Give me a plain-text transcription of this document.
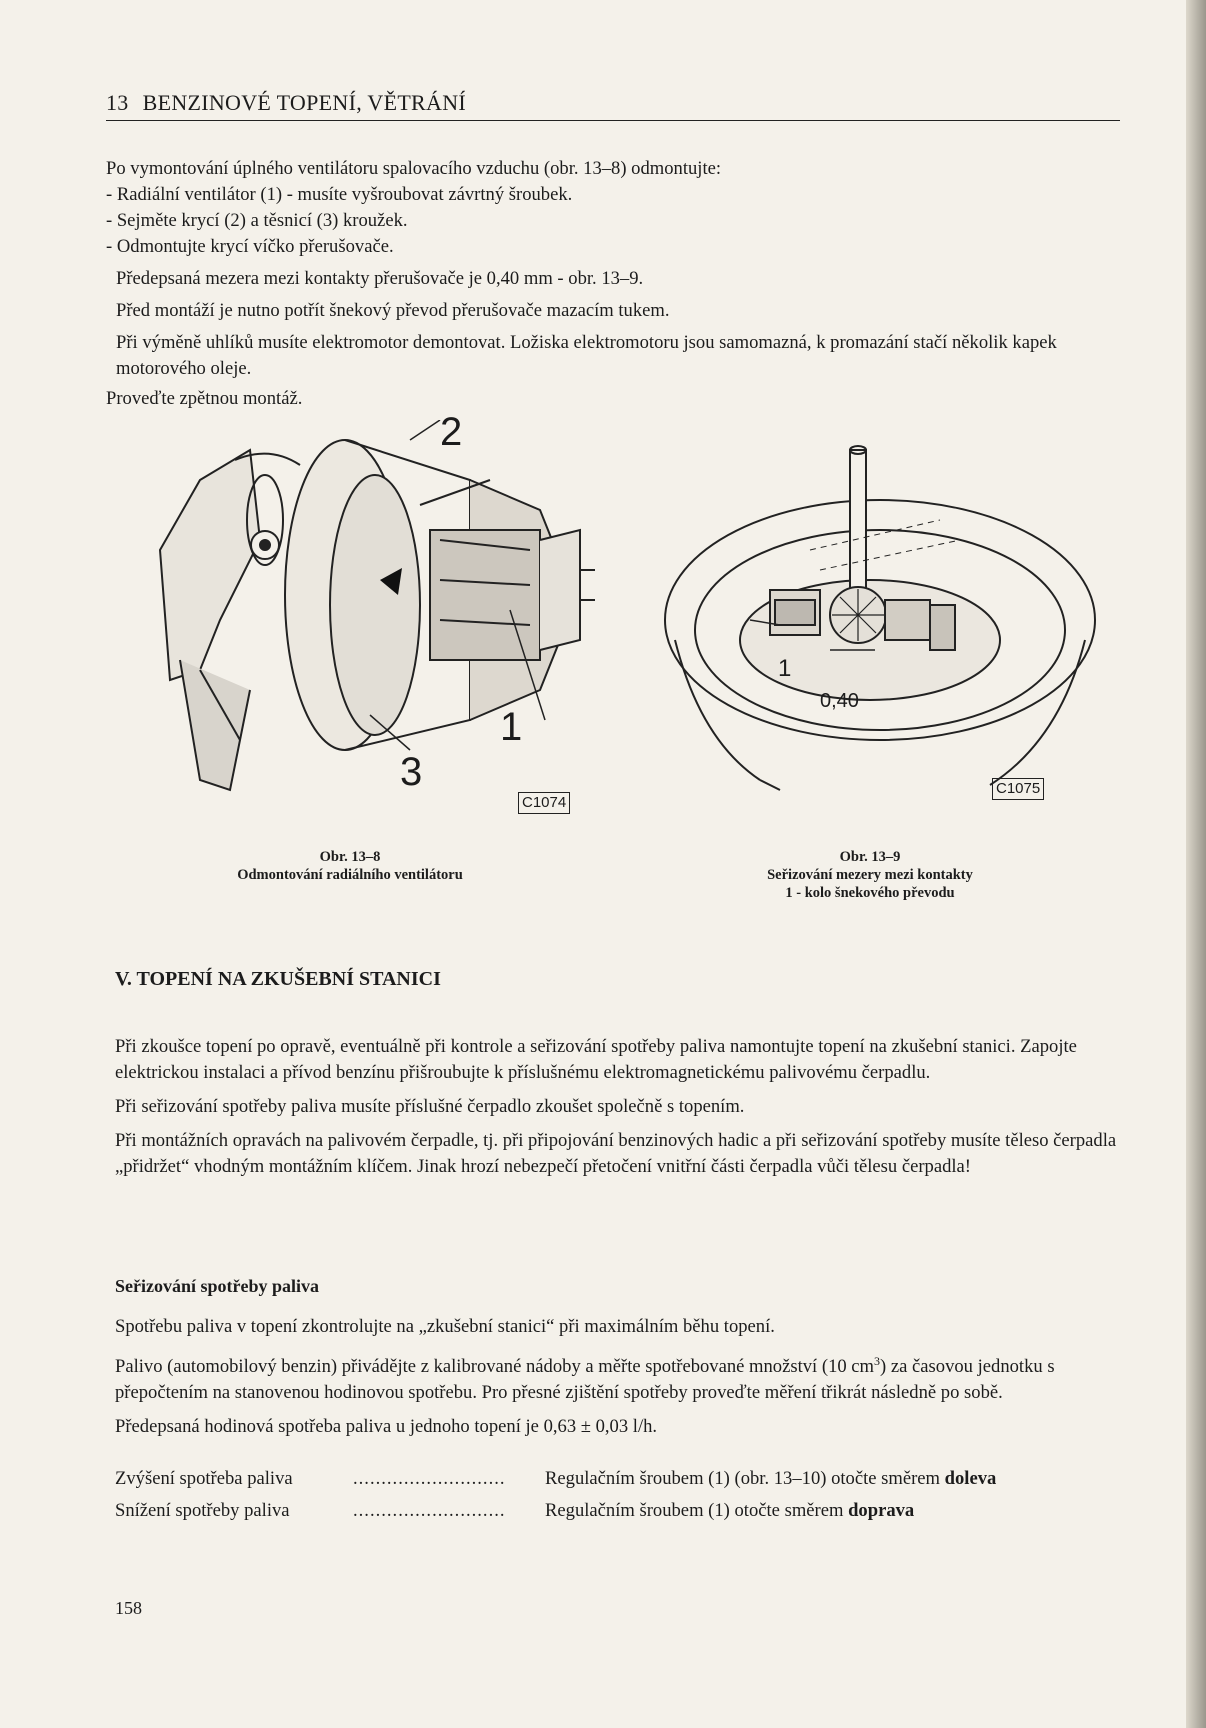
13 BENZINOVÉ TOPENÍ, VĚTRÁNÍ

Po vymontování úplného ventilátoru spalovacího vzduchu (obr. 13–8) odmontujte:

- Radiální ventilátor (1) - musíte vyšroubovat závrtný šroubek.

- Sejměte krycí (2) a těsnicí (3) kroužek.

- Odmontujte krycí víčko přerušovače.

Předepsaná mezera mezi kontakty přerušovače je 0,40 mm - obr. 13–9.

Před montáží je nutno potřít šnekový převod přerušovače mazacím tukem.

Při výměně uhlíků musíte elektromotor demontovat. Ložiska elektromotoru jsou samomazná, k promazání stačí několik kapek motorového oleje.

Proveďte zpětnou montáž.

2
1
3
C1074
Obr. 13–8
Odmontování radiálního ventilátoru
1
0,40
C1075
Obr. 13–9
Seřizování mezery mezi kontakty
1 - kolo šnekového převodu
V. TOPENÍ NA ZKUŠEBNÍ STANICI

Při zkoušce topení po opravě, eventuálně při kontrole a seřizování spotřeby paliva namontujte topení na zkušební stanici. Zapojte elektrickou instalaci a přívod benzínu přišroubujte k příslušnému elektromagnetickému palivovému čerpadlu.

Při seřizování spotřeby paliva musíte příslušné čerpadlo zkoušet společně s topením.

Při montážních opravách na palivovém čerpadle, tj. při připojování benzinových hadic a při seřizování spotřeby musíte těleso čerpadla „přidržet“ vhodným montážním klíčem. Jinak hrozí nebezpečí přetočení vnitřní části čerpadla vůči tělesu čerpadla!

Seřizování spotřeby paliva

Spotřebu paliva v topení zkontrolujte na „zkušební stanici“ při maximálním běhu topení.

Palivo (automobilový benzin) přivádějte z kalibrované nádoby a měřte spotřebované množství (10 $cm^3$) za časovou jednotku s přepočtením na stanovenou hodinovou spotřebu. Pro přesné zjištění spotřeby proveďte měření třikrát následně po sobě.

Předepsaná hodinová spotřeba paliva u jednoho topení je 0,63 ± 0,03 l/h.

Zvýšení spotřeba paliva	........................... Regulačním šroubem (1) (obr. 13–10) otočte směrem doleva
Snížení spotřeby paliva	........................... Regulačním šroubem (1) otočte směrem doprava
158
